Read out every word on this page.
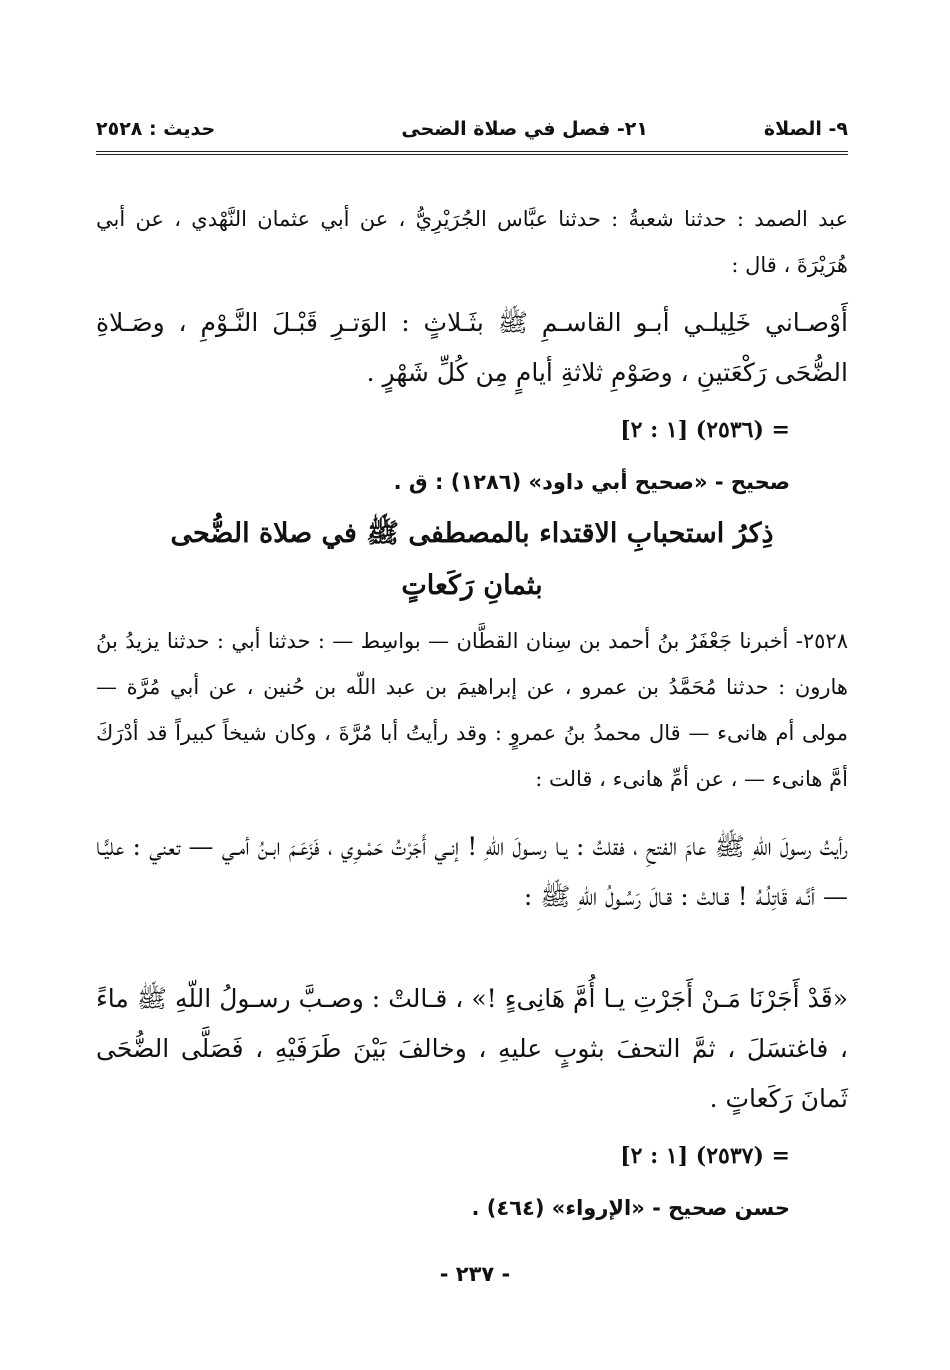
٩- الصلاة
٢١- فصل في صلاة الضحى
حديث : ٢٥٢٨
عبد الصمد : حدثنا شعبةُ : حدثنا عبَّاس الجُرَيْرِيُّ ، عن أبي عثمان النَّهْدي ، عن أبي هُرَيْرَةَ ، قال :
أَوْصـاني خَلِيلـي أبـو القاسـمِ ﷺ بثَـلاثٍ : الوَتـرِ قَبْـلَ النَّـوْمِ ، وصَـلاةِ الضُّحَى رَكْعَتينِ ، وصَوْمِ ثلاثةِ أيامٍ مِن كُلِّ شَهْرٍ .
= (٢٥٣٦) [١ : ٢]
صحيح - «صحيح أبي داود» (١٢٨٦) : ق .
ذِكرُ استحبابِ الاقتداء بالمصطفى ﷺ في صلاة الضُّحى
بثمانِ رَكَعاتٍ
٢٥٢٨- أخبرنا جَعْفَرُ بنُ أحمد بن سِنان القطَّان — بواسِط — : حدثنا أبي : حدثنا يزيدُ بنُ هارون : حدثنا مُحَمَّدُ بن عمرو ، عن إبراهيمَ بن عبد اللّه بن حُنين ، عن أبي مُرَّة — مولى أم هانىء — قال محمدُ بنُ عمروٍ : وقد رأيتُ أبا مُرَّةَ ، وكان شيخاً كبيراً قد أدْرَكَ أمَّ هانىء — ، عن أمِّ هانىء ، قالت :
رأيتُ رسولَ اللّهِ ﷺ عامَ الفتحِ ، فقلتُ : يـا رسـولَ اللّهِ ! إنـي أَجَرْتُ حَمْـوِي ، فَزَعَـمَ ابـنُ أمـي — تعني : عليًّـا — أنَّـه قَاتِلُـهُ ! قـالتْ : قـالَ رَسُـولُ اللّهِ ﷺ :
«قَدْ أَجَرْنَا مَـنْ أَجَرْتِ يـا أُمَّ هَانِىءٍ !» ، قـالتْ : وصـبَّ رسـولُ اللّهِ ﷺ ماءً ، فاغتسَلَ ، ثمَّ التحفَ بثوبٍ عليهِ ، وخالفَ بَيْنَ طَرَفَيْهِ ، فَصَلَّى الضُّحَى ثَمانَ رَكَعاتٍ .
= (٢٥٣٧) [١ : ٢]
حسن صحيح - «الإرواء» (٤٦٤) .
- ٢٣٧ -
